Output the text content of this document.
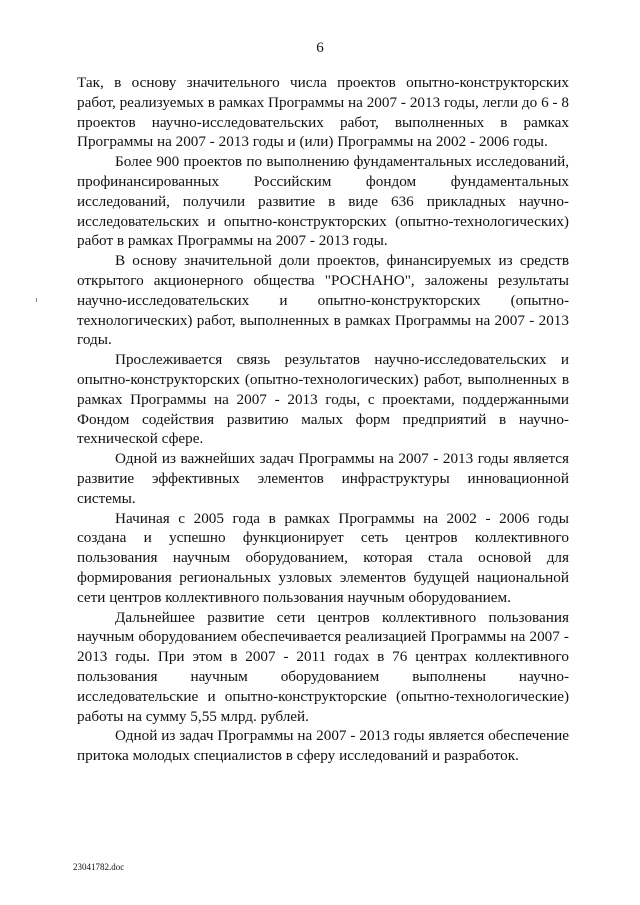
6

Так, в основу значительного числа проектов опытно-конструкторских работ, реализуемых в рамках Программы на 2007 - 2013 годы, легли до 6 - 8 проектов научно-исследовательских работ, выполненных в рамках Программы на 2007 - 2013 годы и (или) Программы на 2002 - 2006 годы.

Более 900 проектов по выполнению фундаментальных исследований, профинансированных Российским фондом фундаментальных исследований, получили развитие в виде 636 прикладных научно-исследовательских и опытно-конструкторских (опытно-технологических) работ в рамках Программы на 2007 - 2013 годы.

В основу значительной доли проектов, финансируемых из средств открытого акционерного общества "РОСНАНО", заложены результаты научно-исследовательских и опытно-конструкторских (опытно-технологических) работ, выполненных в рамках Программы на 2007 - 2013 годы.

Прослеживается связь результатов научно-исследовательских и опытно-конструкторских (опытно-технологических) работ, выполненных в рамках Программы на 2007 - 2013 годы, с проектами, поддержанными Фондом содействия развитию малых форм предприятий в научно-технической сфере.

Одной из важнейших задач Программы на 2007 - 2013 годы является развитие эффективных элементов инфраструктуры инновационной системы.

Начиная с 2005 года в рамках Программы на 2002 - 2006 годы создана и успешно функционирует сеть центров коллективного пользования научным оборудованием, которая стала основой для формирования региональных узловых элементов будущей национальной сети центров коллективного пользования научным оборудованием.

Дальнейшее развитие сети центров коллективного пользования научным оборудованием обеспечивается реализацией Программы на 2007 - 2013 годы. При этом в 2007 - 2011 годах в 76 центрах коллективного пользования научным оборудованием выполнены научно-исследовательские и опытно-конструкторские (опытно-технологические) работы на сумму 5,55 млрд. рублей.

Одной из задач Программы на 2007 - 2013 годы является обеспечение притока молодых специалистов в сферу исследований и разработок.

23041782.doc
